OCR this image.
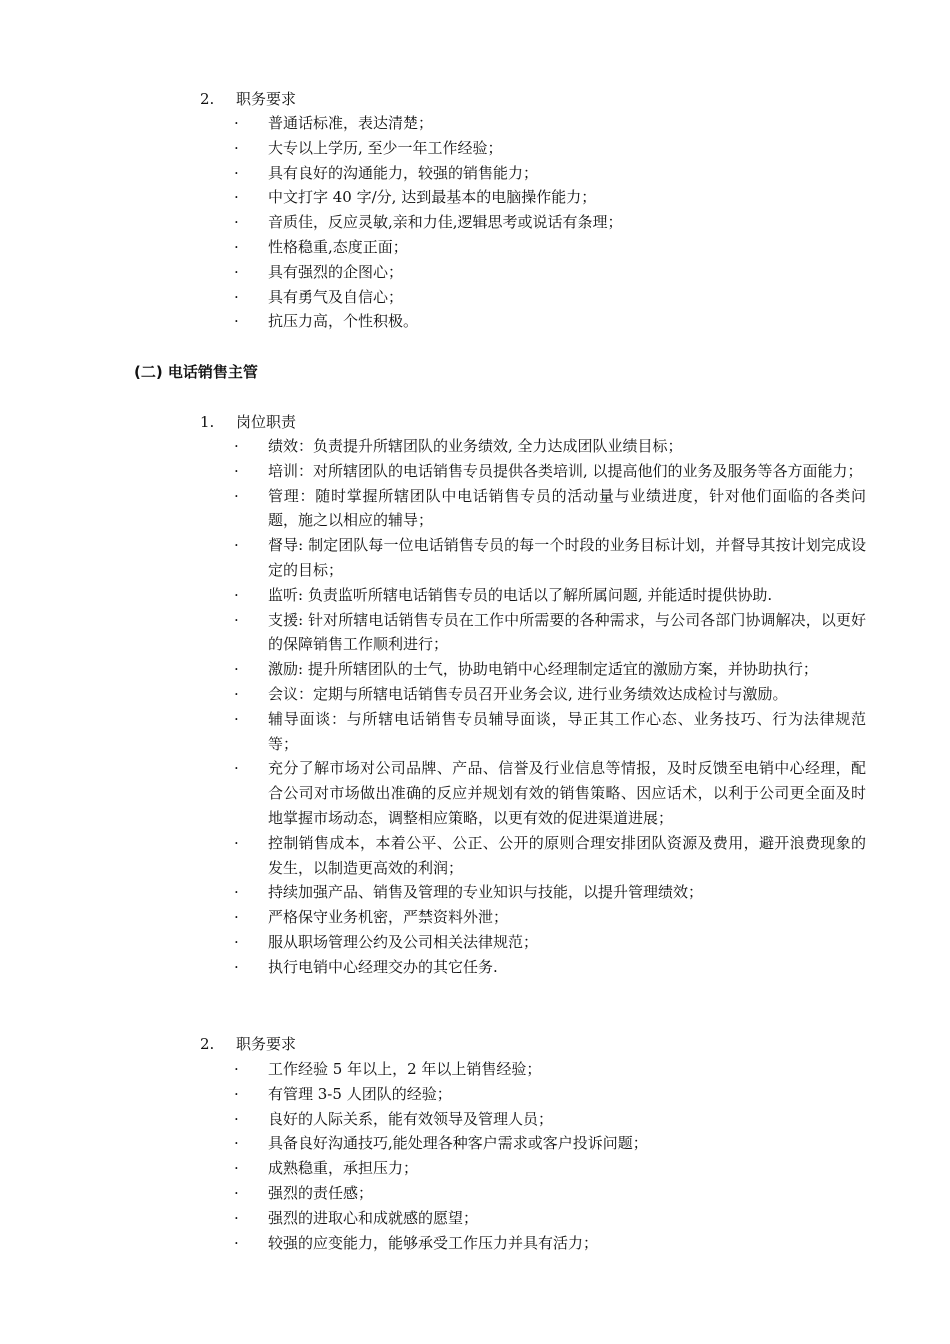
2.	职务要求
·	普通话标准，表达清楚；
·	大专以上学历, 至少一年工作经验；
·	具有良好的沟通能力，较强的销售能力；
·	中文打字 40 字/分, 达到最基本的电脑操作能力；
·	音质佳，反应灵敏,亲和力佳,逻辑思考或说话有条理；
·	性格稳重,态度正面；
·	具有强烈的企图心；
·	具有勇气及自信心；
·	抗压力高，个性积极。
(二) 电话销售主管
1.	岗位职责
·	绩效：负责提升所辖团队的业务绩效, 全力达成团队业绩目标；
·	培训：对所辖团队的电话销售专员提供各类培训, 以提高他们的业务及服务等各方面能力；
·	管理：随时掌握所辖团队中电话销售专员的活动量与业绩进度，针对他们面临的各类问题，施之以相应的辅导；
·	督导: 制定团队每一位电话销售专员的每一个时段的业务目标计划，并督导其按计划完成设定的目标；
·	监听: 负责监听所辖电话销售专员的电话以了解所属问题, 并能适时提供协助.
·	支援: 针对所辖电话销售专员在工作中所需要的各种需求，与公司各部门协调解决，以更好的保障销售工作顺利进行；
·	激励: 提升所辖团队的士气，协助电销中心经理制定适宜的激励方案，并协助执行；
·	会议：定期与所辖电话销售专员召开业务会议, 进行业务绩效达成检讨与激励。
·	辅导面谈：与所辖电话销售专员辅导面谈，导正其工作心态、业务技巧、行为法律规范等；
·	充分了解市场对公司品牌、产品、信誉及行业信息等情报，及时反馈至电销中心经理，配合公司对市场做出准确的反应并规划有效的销售策略、因应话术，以利于公司更全面及时地掌握市场动态，调整相应策略，以更有效的促进渠道进展；
·	控制销售成本，本着公平、公正、公开的原则合理安排团队资源及费用，避开浪费现象的发生，以制造更高效的利润；
·	持续加强产品、销售及管理的专业知识与技能，以提升管理绩效；
·	严格保守业务机密，严禁资料外泄；
·	服从职场管理公约及公司相关法律规范；
·	执行电销中心经理交办的其它任务.
2.	职务要求
·	工作经验 5 年以上，2 年以上销售经验；
·	有管理 3-5 人团队的经验；
·	良好的人际关系，能有效领导及管理人员；
·	具备良好沟通技巧,能处理各种客户需求或客户投诉问题；
·	成熟稳重，承担压力；
·	强烈的责任感；
·	强烈的进取心和成就感的愿望；
·	较强的应变能力，能够承受工作压力并具有活力；
